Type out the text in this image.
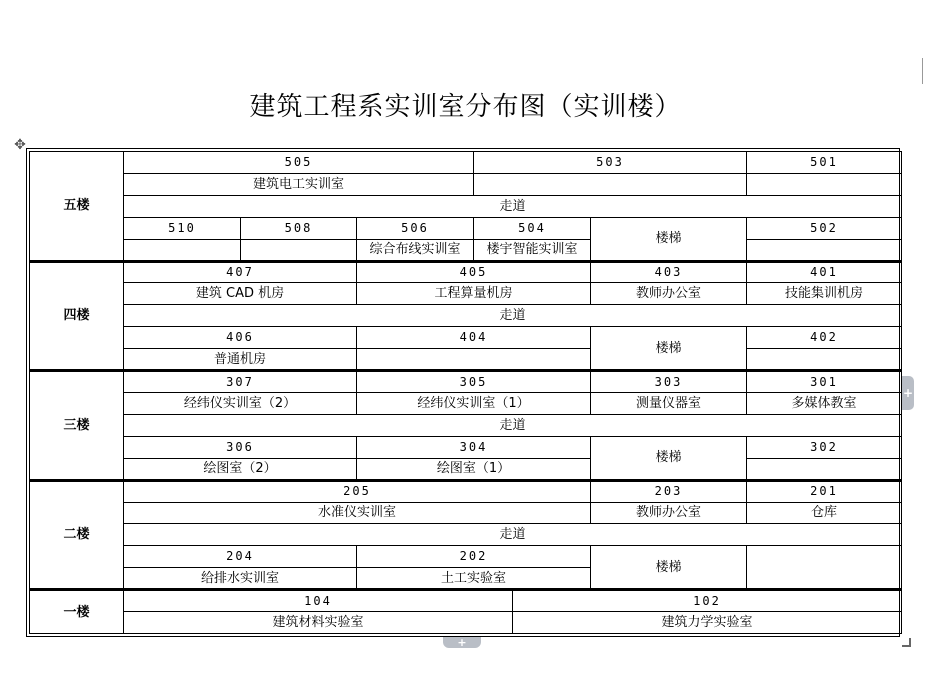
建筑工程系实训室分布图（实训楼）
✥
五楼	505			503			501
	建筑电工实训室						
	走道						
	510	508	506	504		楼梯	502
			综合布线实训室	楼宇智能实训室			
四楼	407		405			403	401
	建筑 CAD 机房		工程算量机房			教师办公室	技能集训机房
	走道						
	406		404			楼梯	402
	普通机房						
三楼	307		305			303	301
	经纬仪实训室（2）		经纬仪实训室（1）			测量仪器室	多媒体教室
	走道						
	306		304			楼梯	302
	绘图室（2）		绘图室（1）				
二楼	205					203	201
	水准仪实训室					教师办公室	仓库
	走道						
	204		202			楼梯	
	给排水实训室		土工实验室				
一楼	104				102		
	建筑材料实验室				建筑力学实验室		
+
+
